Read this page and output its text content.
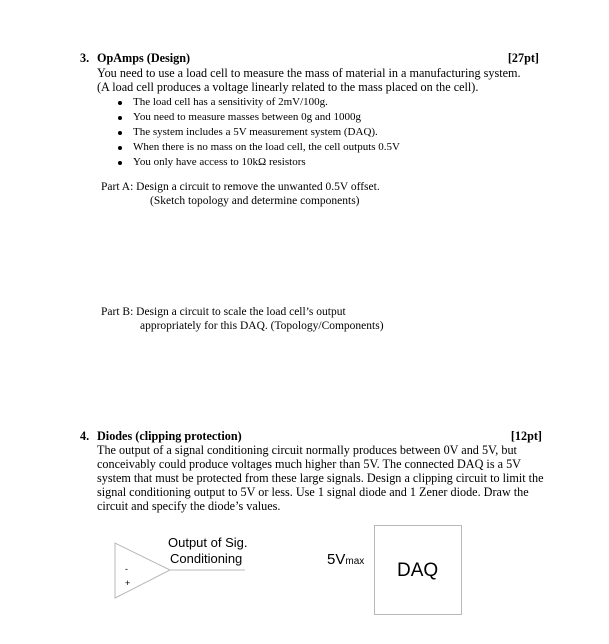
3. OpAmps (Design)	[27pt]
You need to use a load cell to measure the mass of material in a manufacturing system.
(A load cell produces a voltage linearly related to the mass placed on the cell).
The load cell has a sensitivity of 2mV/100g.
You need to measure masses between 0g and 1000g
The system includes a 5V measurement system (DAQ).
When there is no mass on the load cell, the cell outputs 0.5V
You only have access to 10kΩ resistors
Part A: Design a circuit to remove the unwanted 0.5V offset.
(Sketch topology and determine components)
Part B: Design a circuit to scale the load cell’s output
appropriately for this DAQ. (Topology/Components)
4. Diodes (clipping protection)	[12pt]
The output of a signal conditioning circuit normally produces between 0V and 5V, but
conceivably could produce voltages much higher than 5V. The connected DAQ is a 5V
system that must be protected from these large signals. Design a clipping circuit to limit the
signal conditioning output to 5V or less. Use 1 signal diode and 1 Zener diode. Draw the
circuit and specify the diode’s values.
-
+
Output of Sig.
Conditioning	5Vmax DAQ
